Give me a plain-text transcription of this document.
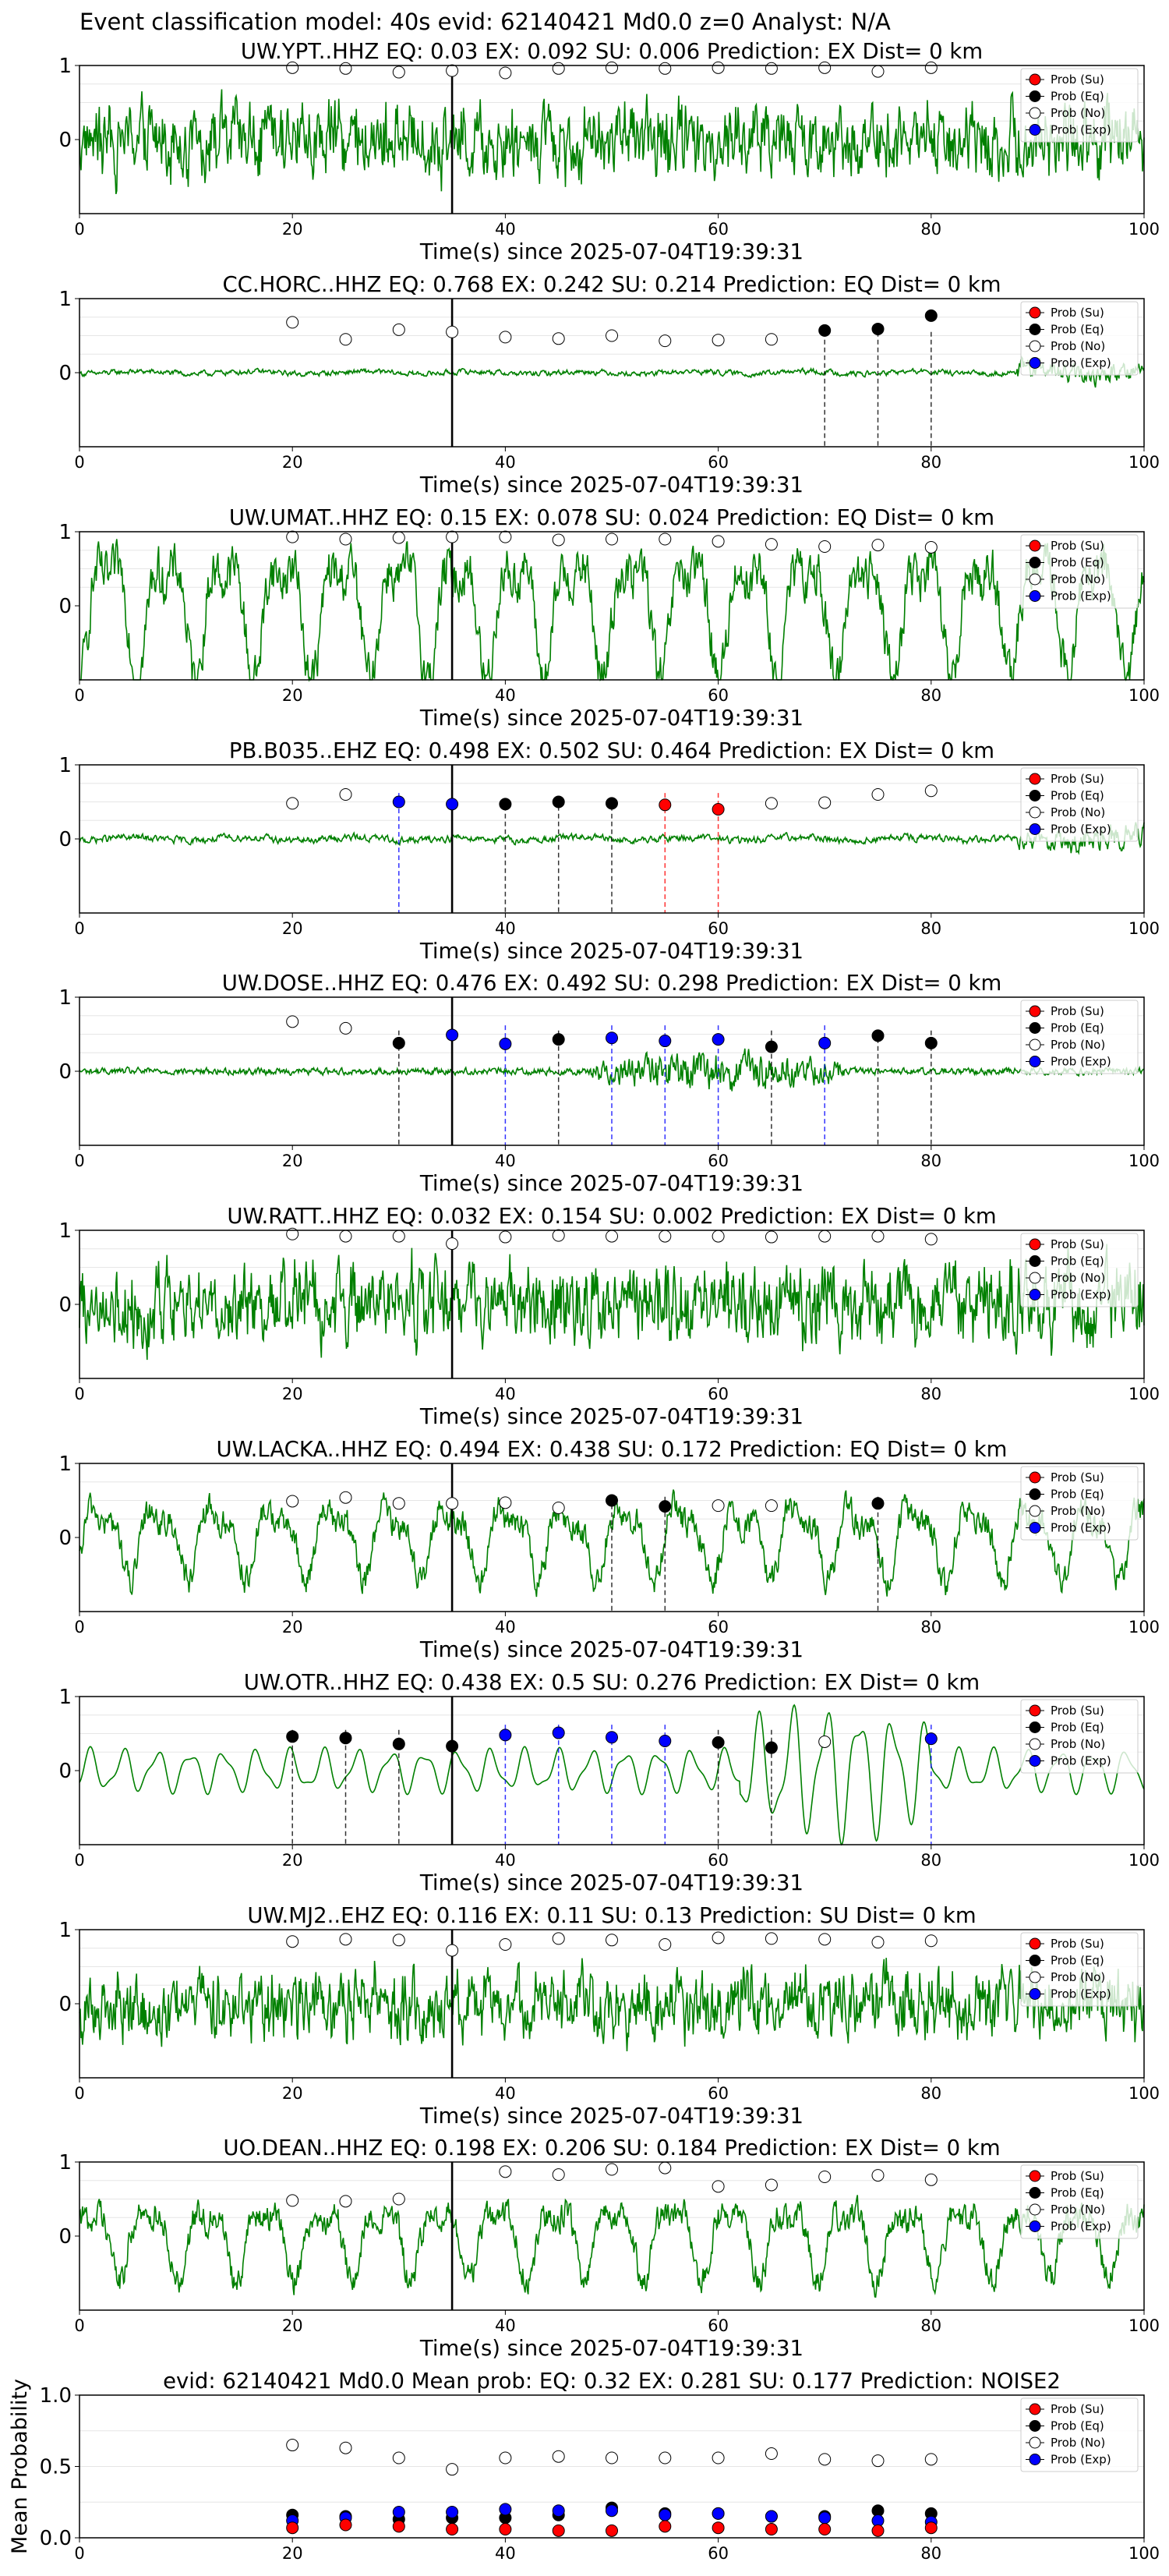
Event classification model: 40s evid: 62140421 Md0.0 z=0 Analyst: N/A
0	20	40	60	80	100
1
0
UW.YPT..HHZ EQ: 0.03 EX: 0.092 SU: 0.006 Prediction: EX Dist= 0 km
Time(s) since 2025-07-04T19:39:31
Prob (Su)
Prob (Eq)
Prob (No)
Prob (Exp)
0	20	40	60	80	100
1
0
CC.HORC..HHZ EQ: 0.768 EX: 0.242 SU: 0.214 Prediction: EQ Dist= 0 km
Time(s) since 2025-07-04T19:39:31
Prob (Su)
Prob (Eq)
Prob (No)
Prob (Exp)
0	20	40	60	80	100
1
0
UW.UMAT..HHZ EQ: 0.15 EX: 0.078 SU: 0.024 Prediction: EQ Dist= 0 km
Time(s) since 2025-07-04T19:39:31
Prob (Su)
Prob (Eq)
Prob (No)
Prob (Exp)
0	20	40	60	80	100
1
0
PB.B035..EHZ EQ: 0.498 EX: 0.502 SU: 0.464 Prediction: EX Dist= 0 km
Time(s) since 2025-07-04T19:39:31
Prob (Su)
Prob (Eq)
Prob (No)
Prob (Exp)
0	20	40	60	80	100
1
0
UW.DOSE..HHZ EQ: 0.476 EX: 0.492 SU: 0.298 Prediction: EX Dist= 0 km
Time(s) since 2025-07-04T19:39:31
Prob (Su)
Prob (Eq)
Prob (No)
Prob (Exp)
0	20	40	60	80	100
1
0
UW.RATT..HHZ EQ: 0.032 EX: 0.154 SU: 0.002 Prediction: EX Dist= 0 km
Time(s) since 2025-07-04T19:39:31
Prob (Su)
Prob (Eq)
Prob (No)
Prob (Exp)
0	20	40	60	80	100
1
0
UW.LACKA..HHZ EQ: 0.494 EX: 0.438 SU: 0.172 Prediction: EQ Dist= 0 km
Time(s) since 2025-07-04T19:39:31
Prob (Su)
Prob (Eq)
Prob (No)
Prob (Exp)
0	20	40	60	80	100
1
0
UW.OTR..HHZ EQ: 0.438 EX: 0.5 SU: 0.276 Prediction: EX Dist= 0 km
Time(s) since 2025-07-04T19:39:31
Prob (Su)
Prob (Eq)
Prob (No)
Prob (Exp)
0	20	40	60	80	100
1
0
UW.MJ2..EHZ EQ: 0.116 EX: 0.11 SU: 0.13 Prediction: SU Dist= 0 km
Time(s) since 2025-07-04T19:39:31
Prob (Su)
Prob (Eq)
Prob (No)
Prob (Exp)
0	20	40	60	80	100
1
0
UO.DEAN..HHZ EQ: 0.198 EX: 0.206 SU: 0.184 Prediction: EX Dist= 0 km
Time(s) since 2025-07-04T19:39:31
Prob (Su)
Prob (Eq)
Prob (No)
Prob (Exp)
0	20	40	60	80	100
1.0
0.5
0.0
evid: 62140421 Md0.0 Mean prob: EQ: 0.32 EX: 0.281 SU: 0.177 Prediction: NOISE2
Mean Probability	Prob (Su)
Prob (Eq)
Prob (No)
Prob (Exp)
